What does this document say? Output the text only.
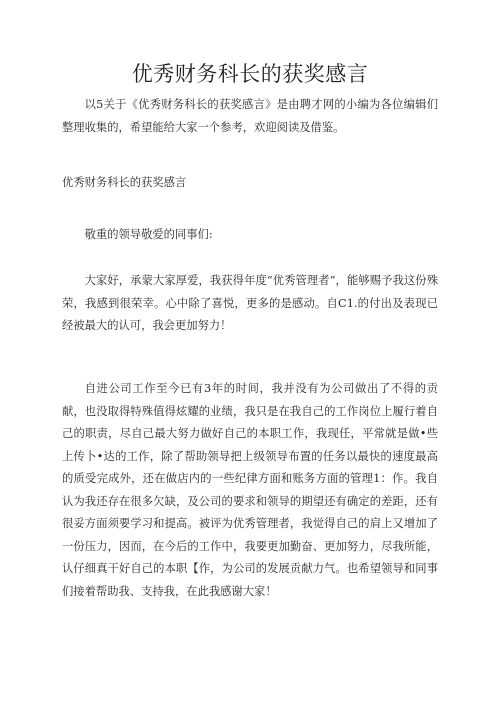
优秀财务科长的获奖感言

以5关于《优秀财务科长的获奖感言》是由聘才网的小编为各位编辑们整理收集的，希望能给大家一个参考，欢迎阅读及借鉴。

优秀财务科长的获奖感言

敬重的领导敬爱的同事们:

大家好，承蒙大家厚爱，我获得年度“优秀管理者”，能够赐予我这份殊荣，我感到很荣幸。心中除了喜悦，更多的是感动。自C1.的付出及表现已经被最大的认可，我会更加努力！

自进公司工作至今已有3年的时间，我并没有为公司做出了不得的贡献，也没取得特殊值得炫耀的业绩，我只是在我自己的工作岗位上履行着自己的职责，尽自己最大努力做好自己的本职工作，我现任，平常就是做•些上传卜•达的工作，除了帮助领导把上级领导布置的任务以最快的速度最高的质受完成外，还在做店内的一些纪律方面和账务方面的管理1：作。我自认为我还存在很多欠缺，及公司的要求和领导的期望还有确定的差距，还有很妥方面须要学习和提高。被评为优秀管理者，我觉得自己的肩上又增加了一份压力，因而，在今后的工作中，我要更加勤奋、更加努力，尽我所能，认仔细真干好自己的本职【作，为公司的发展贡献力气。也希望领导和同事们接着帮助我、支持我，在此我感谢大家！
